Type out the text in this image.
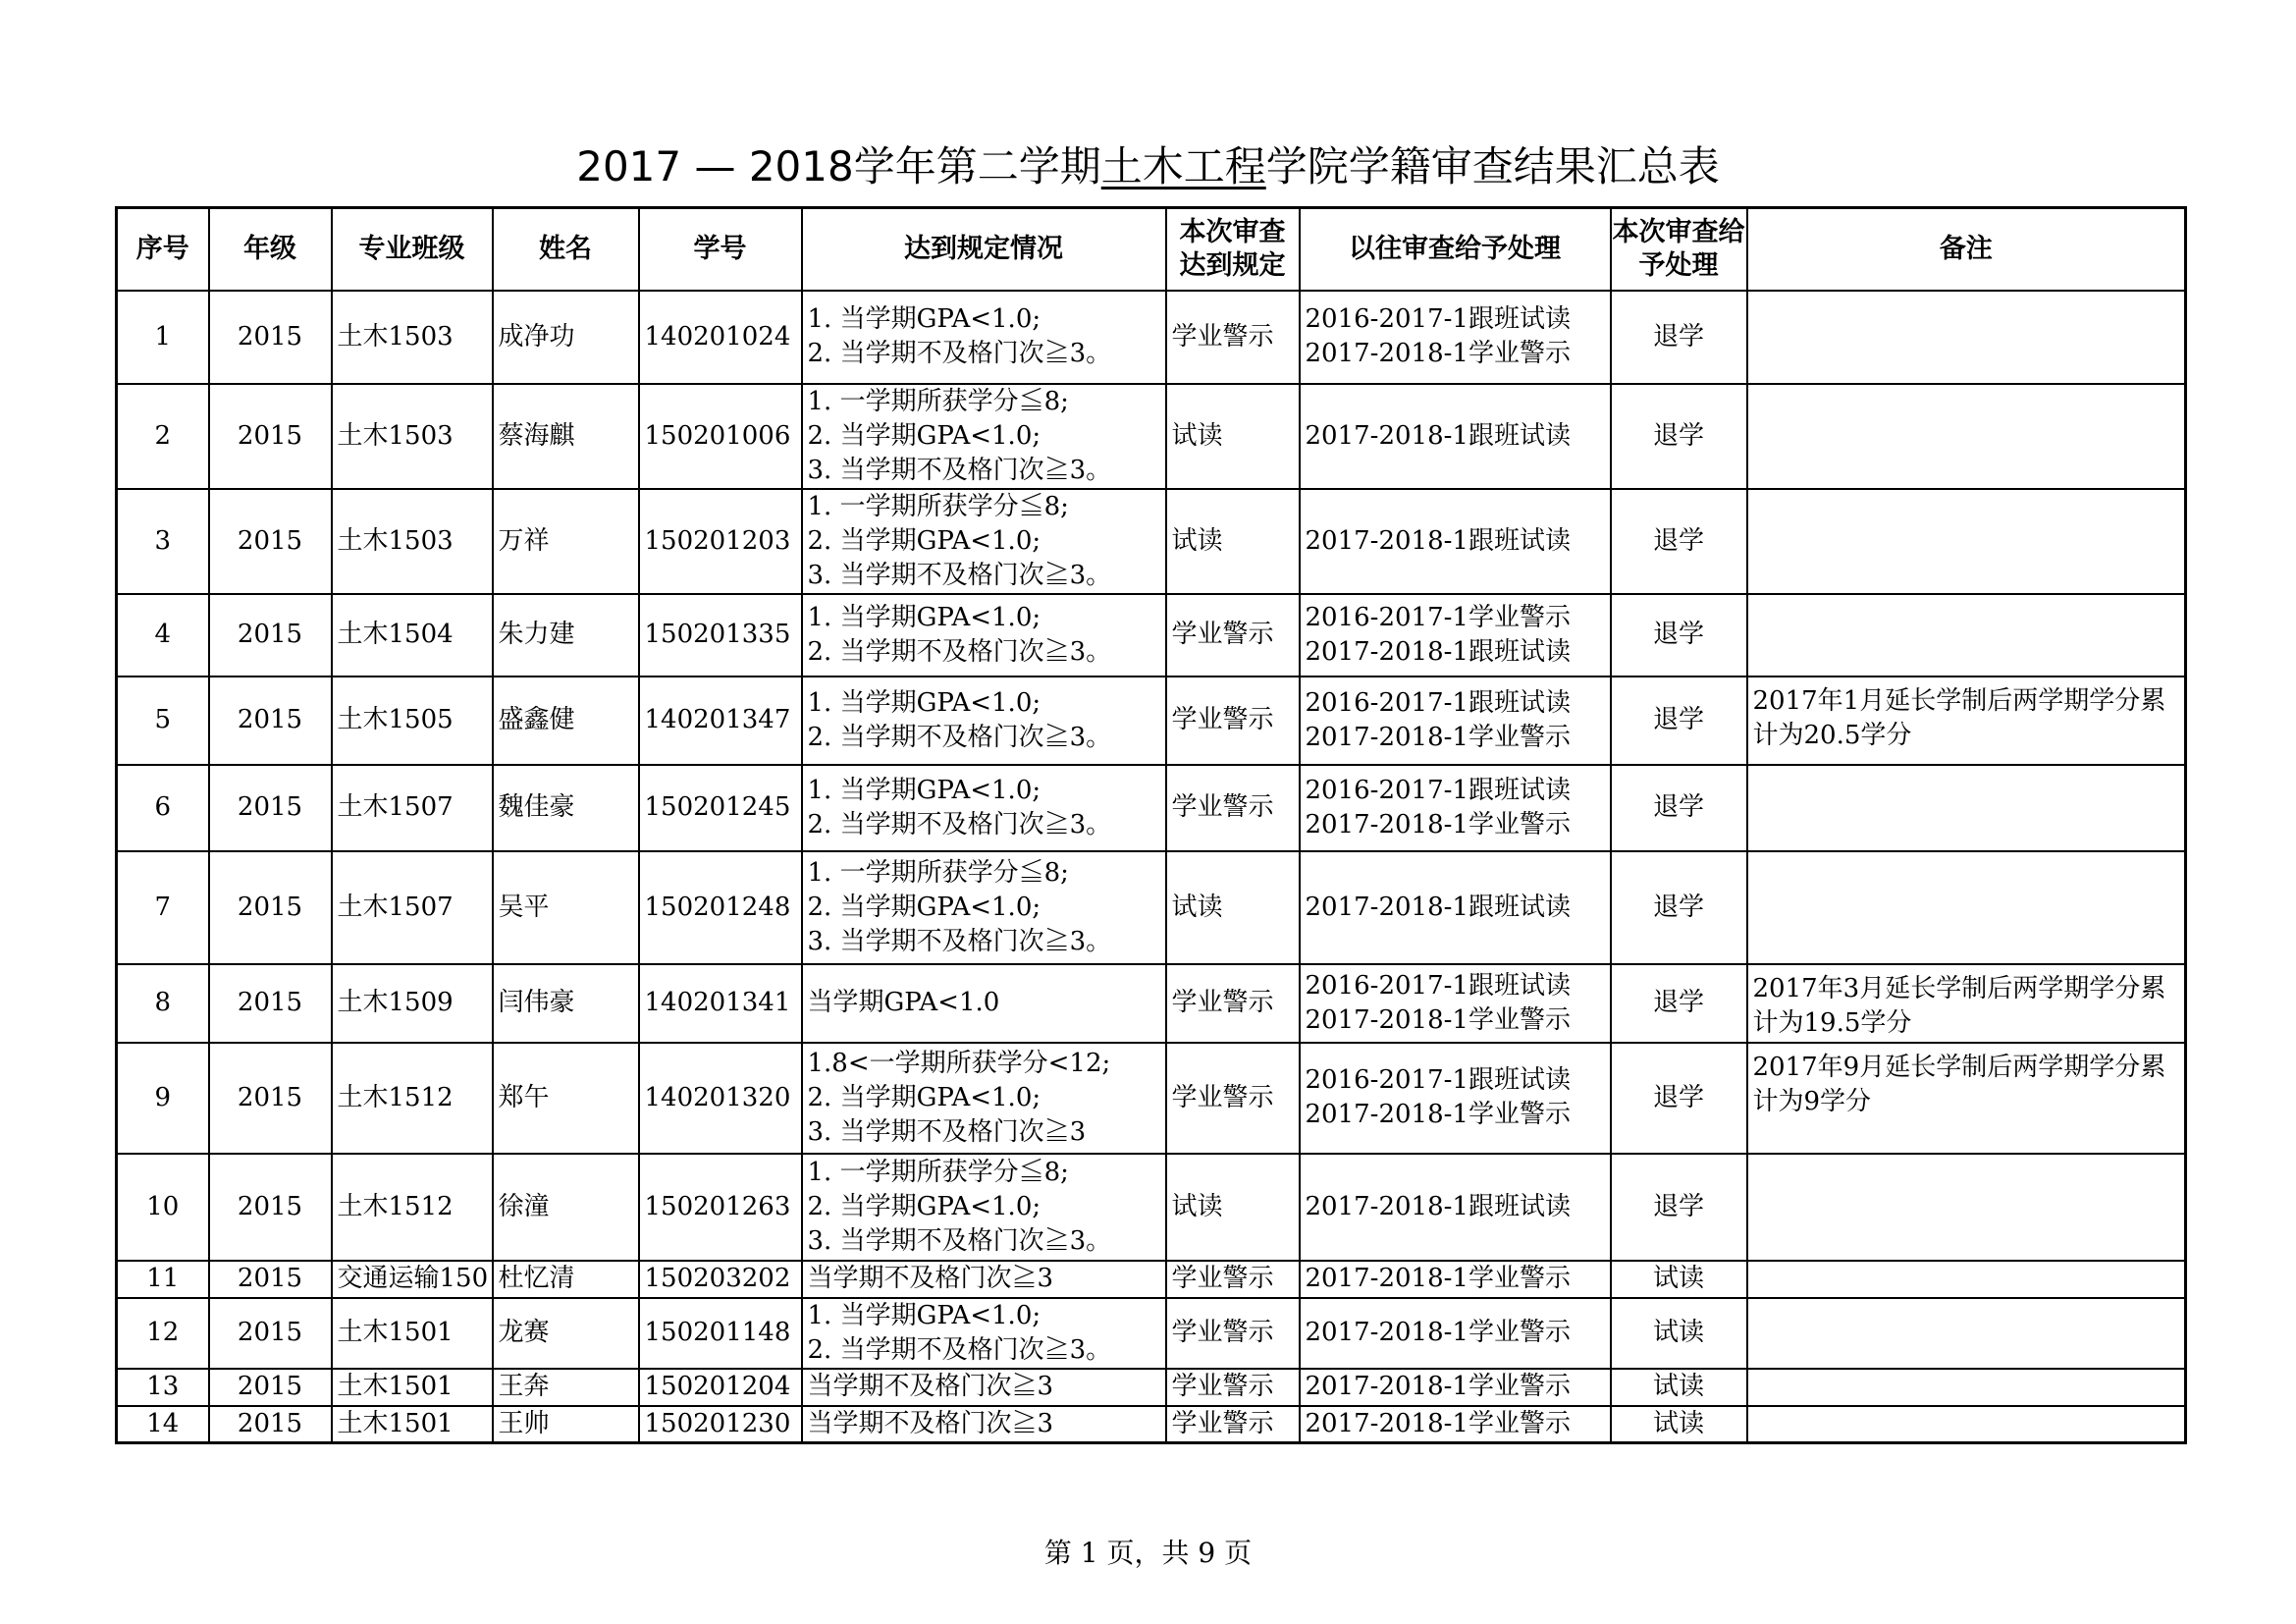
2017 — 2018学年第二学期土木工程学院学籍审查结果汇总表
序号	年级	专业班级	姓名	学号	达到规定情况	本次审查达到规定	以往审查给予处理	本次审查给予处理	备注
1	2015	土木1503	成净功	140201024	1. 当学期GPA<1.0;
2. 当学期不及格门次≧3。	学业警示	2016-2017-1跟班试读
2017-2018-1学业警示	退学	
2	2015	土木1503	蔡海麒	150201006	1. 一学期所获学分≦8;
2. 当学期GPA<1.0;
3. 当学期不及格门次≧3。	试读	2017-2018-1跟班试读	退学	
3	2015	土木1503	万祥	150201203	1. 一学期所获学分≦8;
2. 当学期GPA<1.0;
3. 当学期不及格门次≧3。	试读	2017-2018-1跟班试读	退学	
4	2015	土木1504	朱力建	150201335	1. 当学期GPA<1.0;
2. 当学期不及格门次≧3。	学业警示	2016-2017-1学业警示
2017-2018-1跟班试读	退学	
5	2015	土木1505	盛鑫健	140201347	1. 当学期GPA<1.0;
2. 当学期不及格门次≧3。	学业警示	2016-2017-1跟班试读
2017-2018-1学业警示	退学	2017年1月延长学制后两学期学分累计为20.5学分
6	2015	土木1507	魏佳豪	150201245	1. 当学期GPA<1.0;
2. 当学期不及格门次≧3。	学业警示	2016-2017-1跟班试读
2017-2018-1学业警示	退学	
7	2015	土木1507	吴平	150201248	1. 一学期所获学分≦8;
2. 当学期GPA<1.0;
3. 当学期不及格门次≧3。	试读	2017-2018-1跟班试读	退学	
8	2015	土木1509	闫伟豪	140201341	当学期GPA<1.0	学业警示	2016-2017-1跟班试读
2017-2018-1学业警示	退学	2017年3月延长学制后两学期学分累计为19.5学分
9	2015	土木1512	郑午	140201320	1.8<一学期所获学分<12;
2. 当学期GPA<1.0;
3. 当学期不及格门次≧3	学业警示	2016-2017-1跟班试读
2017-2018-1学业警示	退学	2017年9月延长学制后两学期学分累计为9学分
10	2015	土木1512	徐潼	150201263	1. 一学期所获学分≦8;
2. 当学期GPA<1.0;
3. 当学期不及格门次≧3。	试读	2017-2018-1跟班试读	退学	
11	2015	交通运输150	杜忆清	150203202	当学期不及格门次≧3	学业警示	2017-2018-1学业警示	试读	
12	2015	土木1501	龙赛	150201148	1. 当学期GPA<1.0;
2. 当学期不及格门次≧3。	学业警示	2017-2018-1学业警示	试读	
13	2015	土木1501	王奔	150201204	当学期不及格门次≧3	学业警示	2017-2018-1学业警示	试读	
14	2015	土木1501	王帅	150201230	当学期不及格门次≧3	学业警示	2017-2018-1学业警示	试读	
第 1 页，共 9 页
